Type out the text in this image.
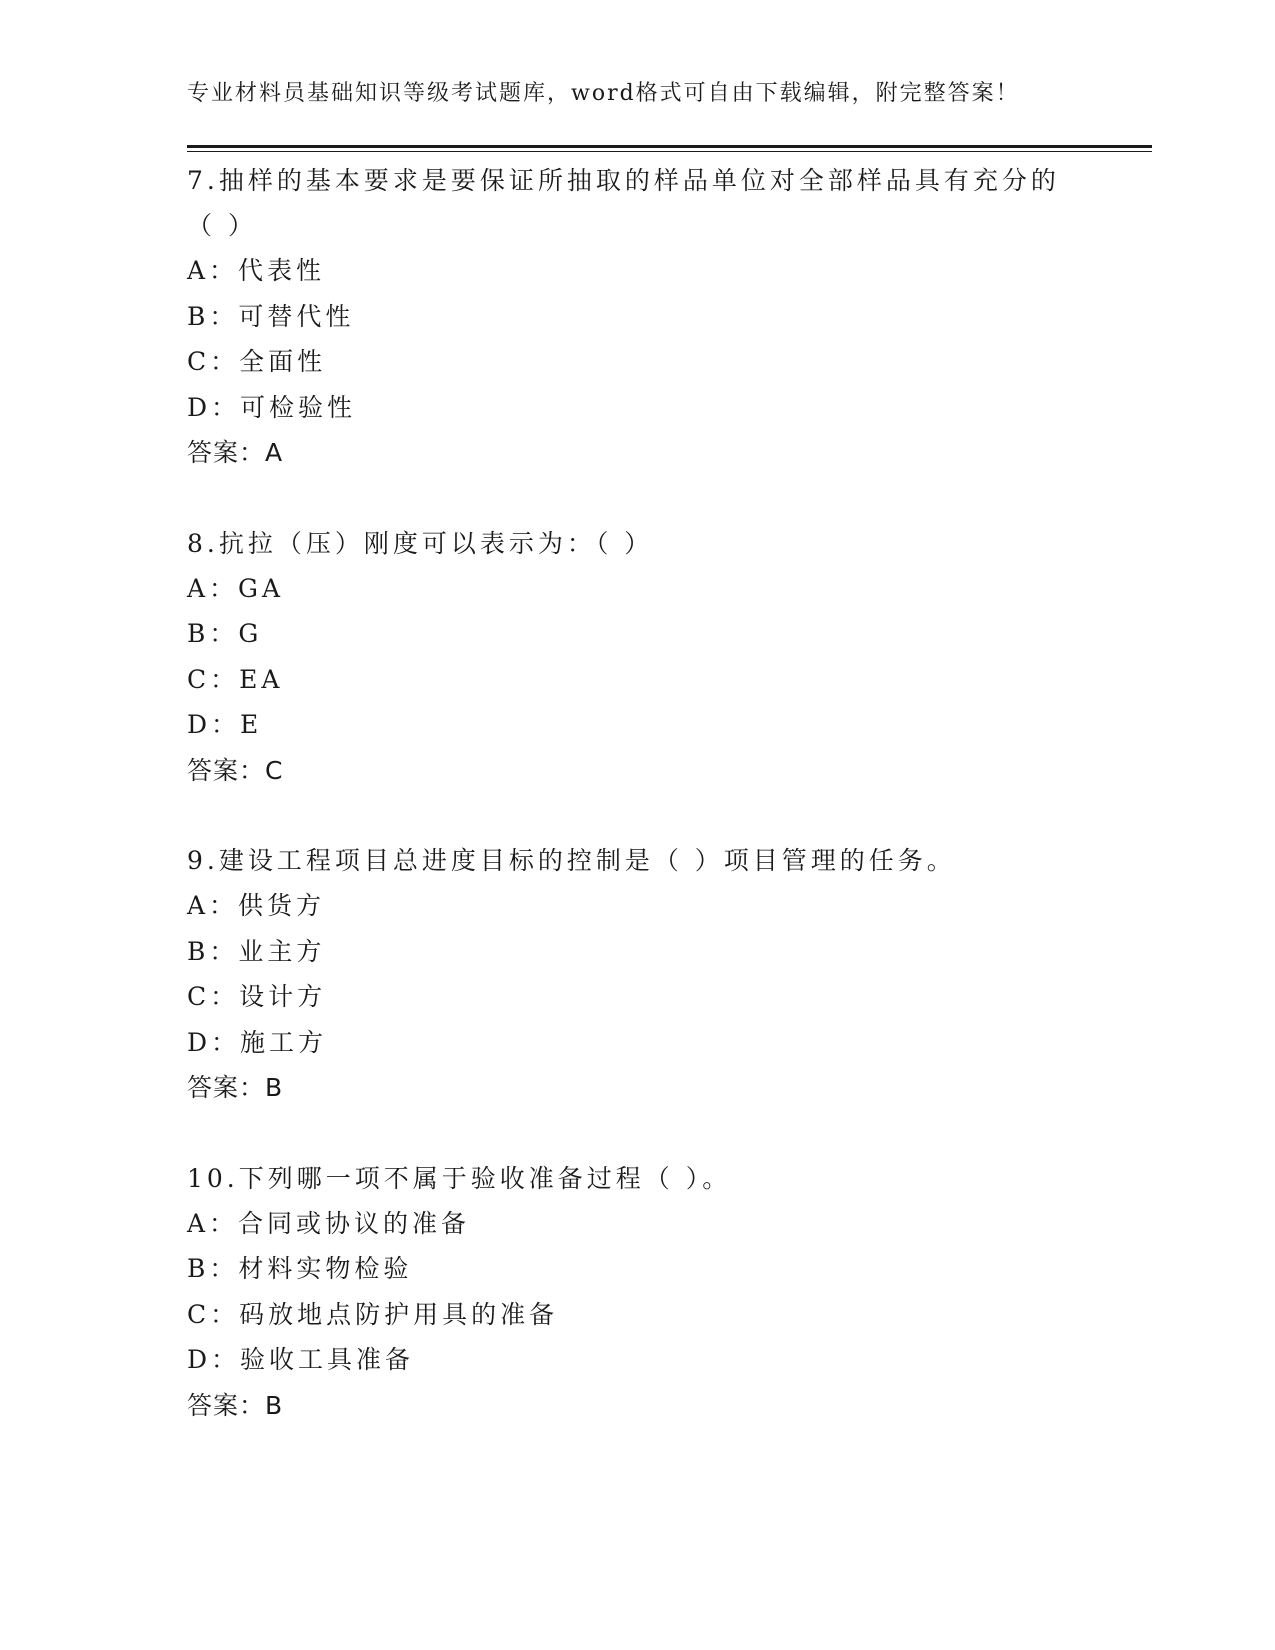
专业材料员基础知识等级考试题库，word格式可自由下载编辑，附完整答案！
7.抽样的基本要求是要保证所抽取的样品单位对全部样品具有充分的（ ）
A：代表性
B：可替代性
C：全面性
D：可检验性
答案：A
8.抗拉（压）刚度可以表示为：（ ）
A：GA
B：G
C：EA
D：E
答案：C
9.建设工程项目总进度目标的控制是（ ）项目管理的任务。
A：供货方
B：业主方
C：设计方
D：施工方
答案：B
10.下列哪一项不属于验收准备过程（ ）。
A：合同或协议的准备
B：材料实物检验
C：码放地点防护用具的准备
D：验收工具准备
答案：B
